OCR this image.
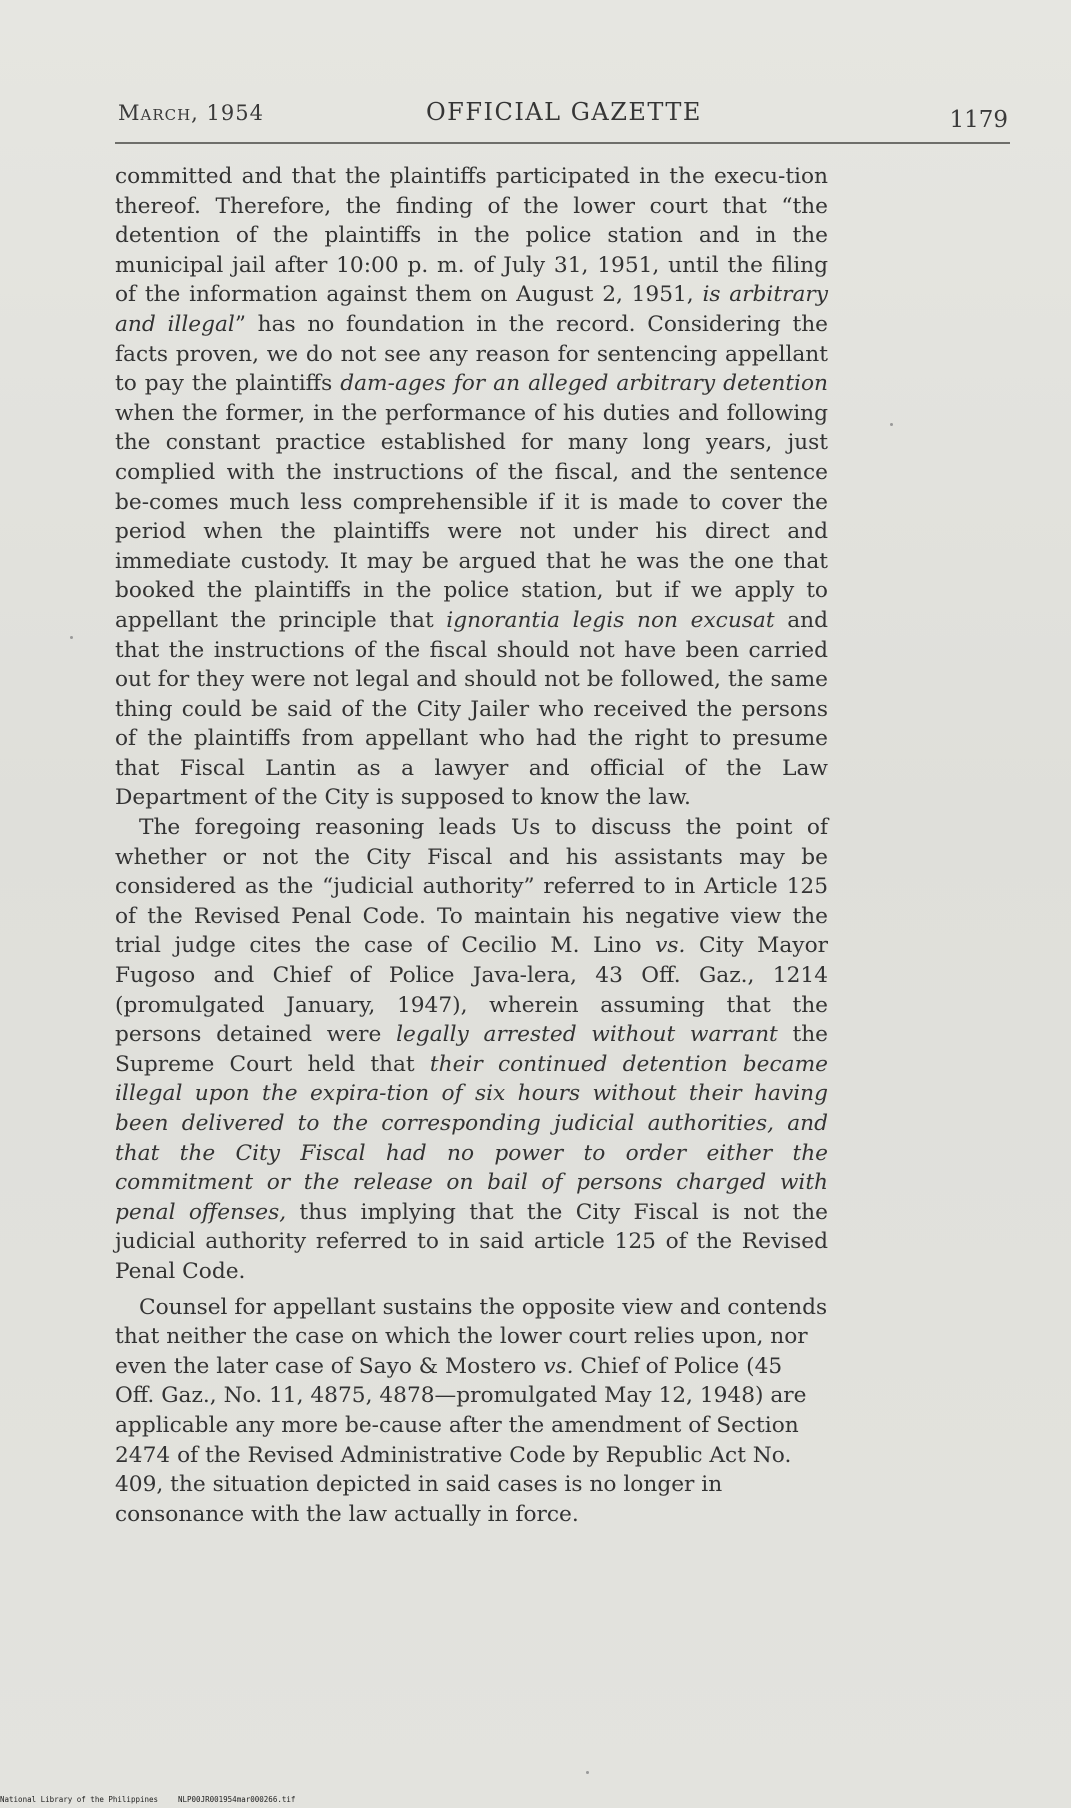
March, 1954	OFFICIAL GAZETTE	1179

committed and that the plaintiffs participated in the execu-tion thereof. Therefore, the finding of the lower court that “the detention of the plaintiffs in the police station and in the municipal jail after 10:00 p. m. of July 31, 1951, until the filing of the information against them on August 2, 1951, is arbitrary and illegal” has no foundation in the record. Considering the facts proven, we do not see any reason for sentencing appellant to pay the plaintiffs dam-ages for an alleged arbitrary detention when the former, in the performance of his duties and following the constant practice established for many long years, just complied with the instructions of the fiscal, and the sentence be-comes much less comprehensible if it is made to cover the period when the plaintiffs were not under his direct and immediate custody. It may be argued that he was the one that booked the plaintiffs in the police station, but if we apply to appellant the principle that ignorantia legis non excusat and that the instructions of the fiscal should not have been carried out for they were not legal and should not be followed, the same thing could be said of the City Jailer who received the persons of the plaintiffs from appellant who had the right to presume that Fiscal Lantin as a lawyer and official of the Law Department of the City is supposed to know the law.

The foregoing reasoning leads Us to discuss the point of whether or not the City Fiscal and his assistants may be considered as the “judicial authority” referred to in Article 125 of the Revised Penal Code. To maintain his negative view the trial judge cites the case of Cecilio M. Lino vs. City Mayor Fugoso and Chief of Police Java-lera, 43 Off. Gaz., 1214 (promulgated January, 1947), wherein assuming that the persons detained were legally arrested without warrant the Supreme Court held that their continued detention became illegal upon the expira-tion of six hours without their having been delivered to the corresponding judicial authorities, and that the City Fiscal had no power to order either the commitment or the release on bail of persons charged with penal offenses, thus implying that the City Fiscal is not the judicial authority referred to in said article 125 of the Revised Penal Code.

Counsel for appellant sustains the opposite view and contends that neither the case on which the lower court relies upon, nor even the later case of Sayo & Mostero vs. Chief of Police (45 Off. Gaz., No. 11, 4875, 4878—promulgated May 12, 1948) are applicable any more be-cause after the amendment of Section 2474 of the Revised Administrative Code by Republic Act No. 409, the situation depicted in said cases is no longer in consonance with the law actually in force.

National Library of the Philippines	NLP00JR001954mar000266.tif
